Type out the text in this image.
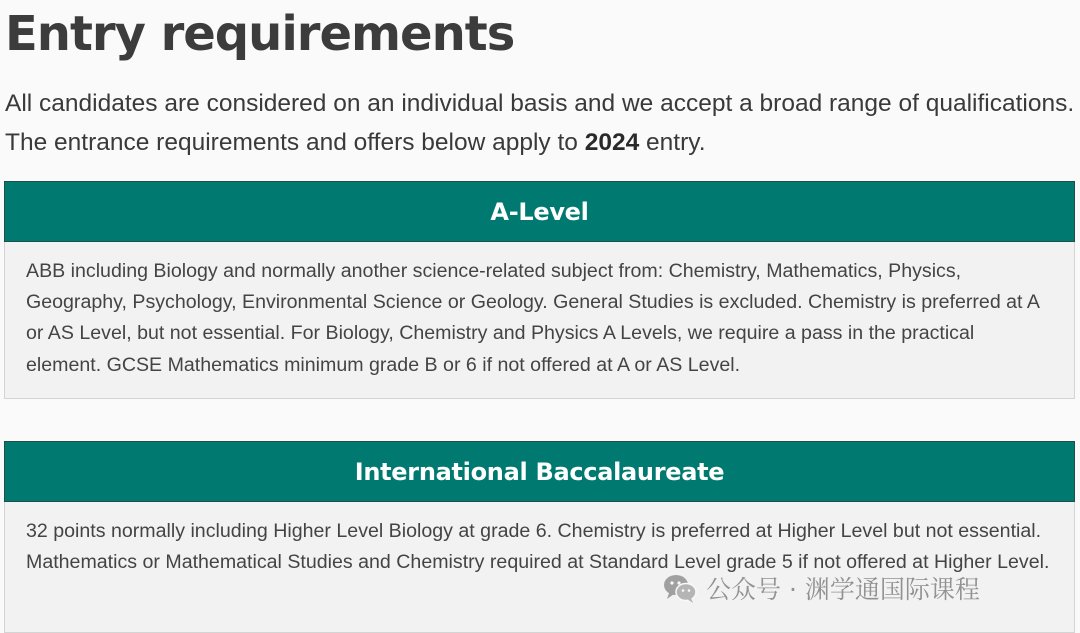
Entry requirements

All candidates are considered on an individual basis and we accept a broad range of qualifications. The entrance requirements and offers below apply to 2024 entry.

A-Level
ABB including Biology and normally another science-related subject from: Chemistry, Mathematics, Physics, Geography, Psychology, Environmental Science or Geology. General Studies is excluded. Chemistry is preferred at A or AS Level, but not essential. For Biology, Chemistry and Physics A Levels, we require a pass in the practical element. GCSE Mathematics minimum grade B or 6 if not offered at A or AS Level.
International Baccalaureate
32 points normally including Higher Level Biology at grade 6. Chemistry is preferred at Higher Level but not essential. Mathematics or Mathematical Studies and Chemistry required at Standard Level grade 5 if not offered at Higher Level.
公众号 · 渊学通国际课程
